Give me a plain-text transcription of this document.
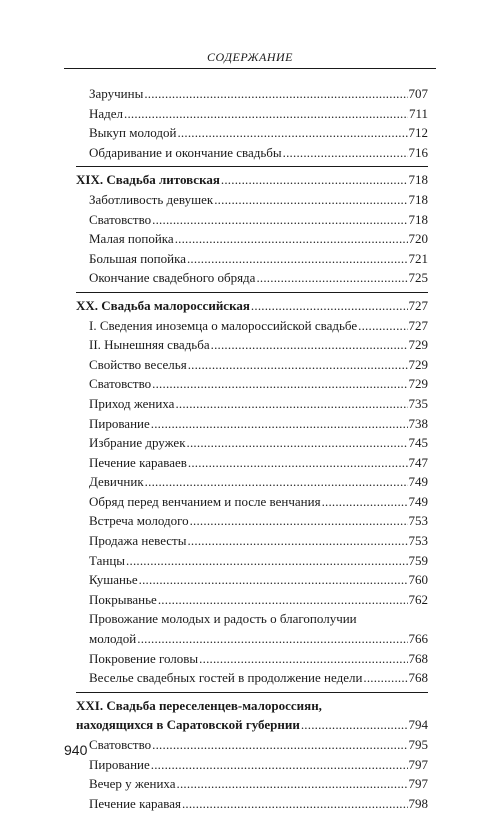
СОДЕРЖАНИЕ
Заручины .....	707
Надел .....	711
Выкуп молодой .....	712
Обдаривание и окончание свадьбы .....	716
XIX. Свадьба литовская .....	718
Заботливость девушек .....	718
Сватовство .....	718
Малая попойка .....	720
Большая попойка .....	721
Окончание свадебного обряда .....	725
XX. Свадьба малороссийская .....	727
I. Сведения иноземца о малороссийской свадьбе .....	727
II. Нынешняя свадьба .....	729
Свойство веселья .....	729
Сватовство .....	729
Приход жениха .....	735
Пирование .....	738
Избрание дружек .....	745
Печение караваев .....	747
Девичник .....	749
Обряд перед венчанием и после венчания .....	749
Встреча молодого .....	753
Продажа невесты .....	753
Танцы .....	759
Кушанье .....	760
Покрыванье .....	762
Провожание молодых и радость о благополучии
молодой .....	766
Покровение головы .....	768
Веселье свадебных гостей в продолжение недели .....	768
XXI. Свадьба переселенцев-малороссиян,
находящихся в Саратовской губернии .....	794
Сватовство .....	795
Пирование .....	797
Вечер у жениха .....	797
Печение каравая .....	798
940
